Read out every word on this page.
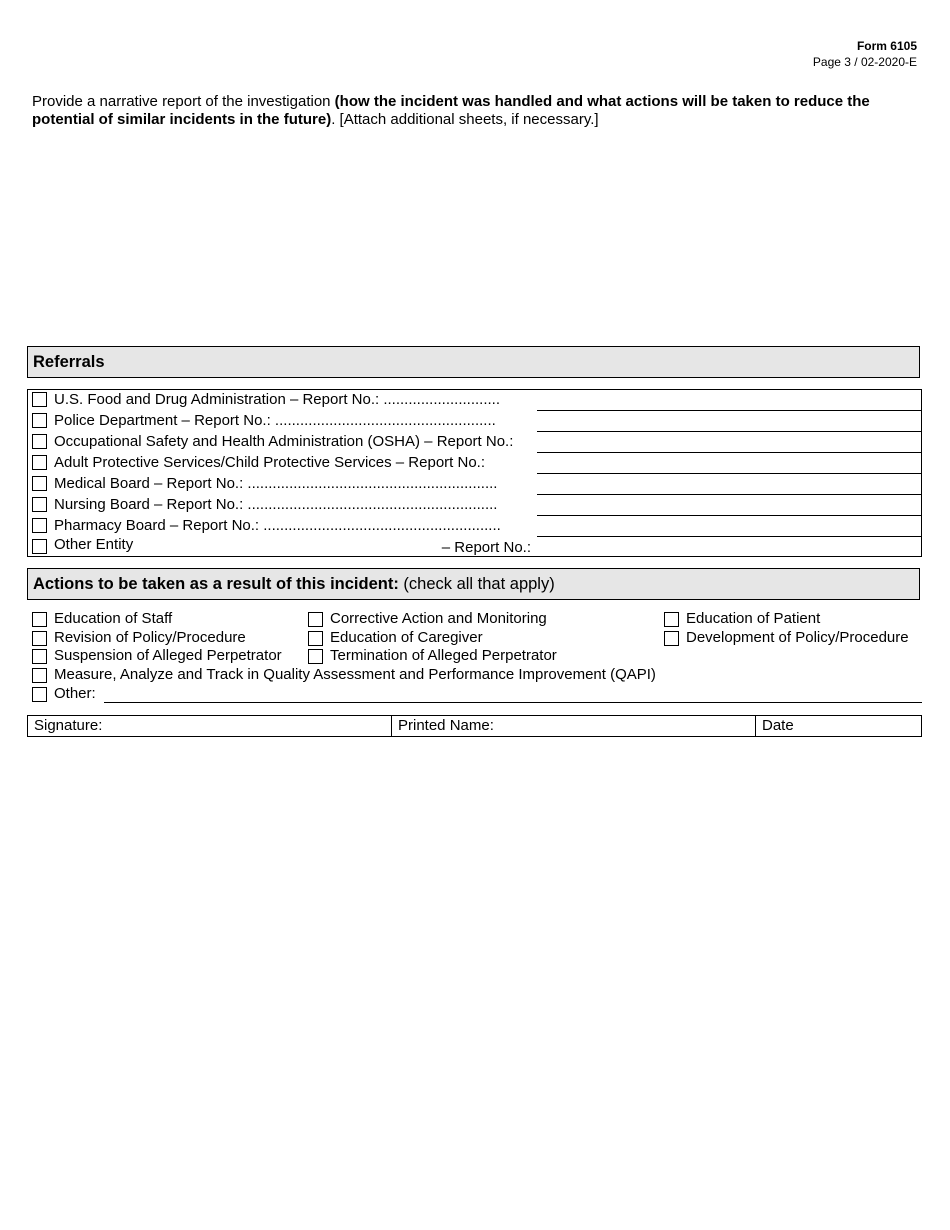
Form 6105
Page 3 / 02-2020-E
Provide a narrative report of the investigation (how the incident was handled and what actions will be taken to reduce the potential of similar incidents in the future). [Attach additional sheets, if necessary.]
Referrals
U.S. Food and Drug Administration – Report No.: ............................
Police Department – Report No.: .....................................................
Occupational Safety and Health Administration (OSHA) – Report No.:
Adult Protective Services/Child Protective Services – Report No.:
Medical Board – Report No.: ............................................................
Nursing Board – Report No.: ............................................................
Pharmacy Board – Report No.: .........................................................
Other Entity	– Report No.:
Actions to be taken as a result of this incident: (check all that apply)
Education of Staff	Corrective Action and Monitoring	Education of Patient
Revision of Policy/Procedure	Education of Caregiver	Development of Policy/Procedure
Suspension of Alleged Perpetrator	Termination of Alleged Perpetrator
Measure, Analyze and Track in Quality Assessment and Performance Improvement (QAPI)
Other:
Signature:	Printed Name:	Date
